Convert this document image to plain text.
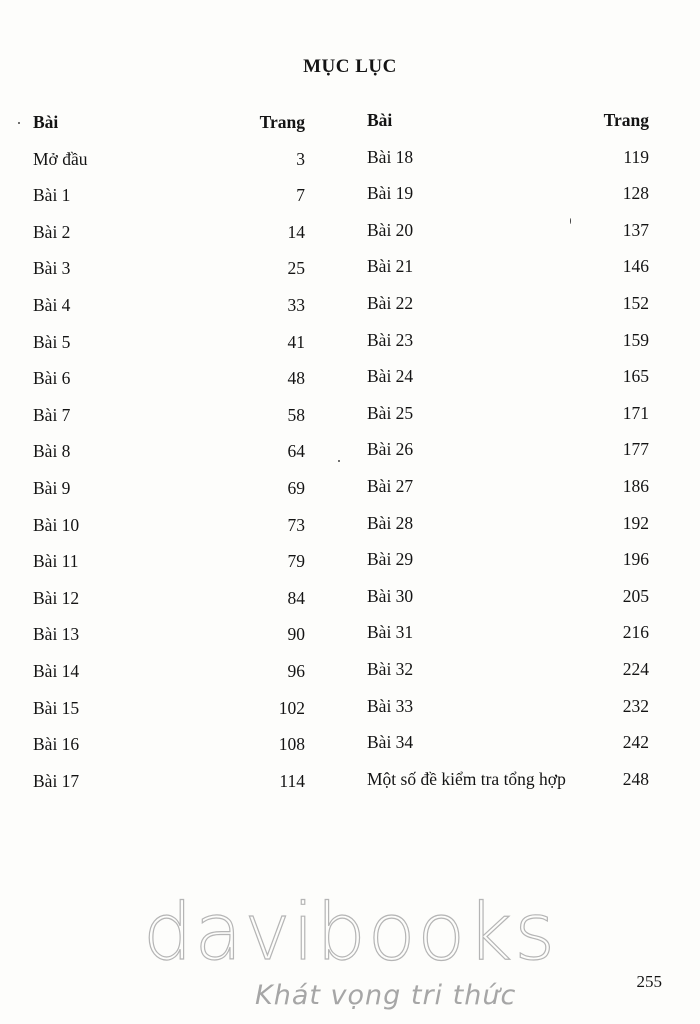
MỤC LỤC
Bài	Trang
Mở đầu	3
Bài 1	7
Bài 2	14
Bài 3	25
Bài 4	33
Bài 5	41
Bài 6	48
Bài 7	58
Bài 8	64
Bài 9	69
Bài 10	73
Bài 11	79
Bài 12	84
Bài 13	90
Bài 14	96
Bài 15	102
Bài 16	108
Bài 17	114
Bài	Trang
Bài 18	119
Bài 19	128
Bài 20	137
Bài 21	146
Bài 22	152
Bài 23	159
Bài 24	165
Bài 25	171
Bài 26	177
Bài 27	186
Bài 28	192
Bài 29	196
Bài 30	205
Bài 31	216
Bài 32	224
Bài 33	232
Bài 34	242
Một số đề kiểm tra tổng hợp	248
davibooks
Khát vọng tri thức	255
